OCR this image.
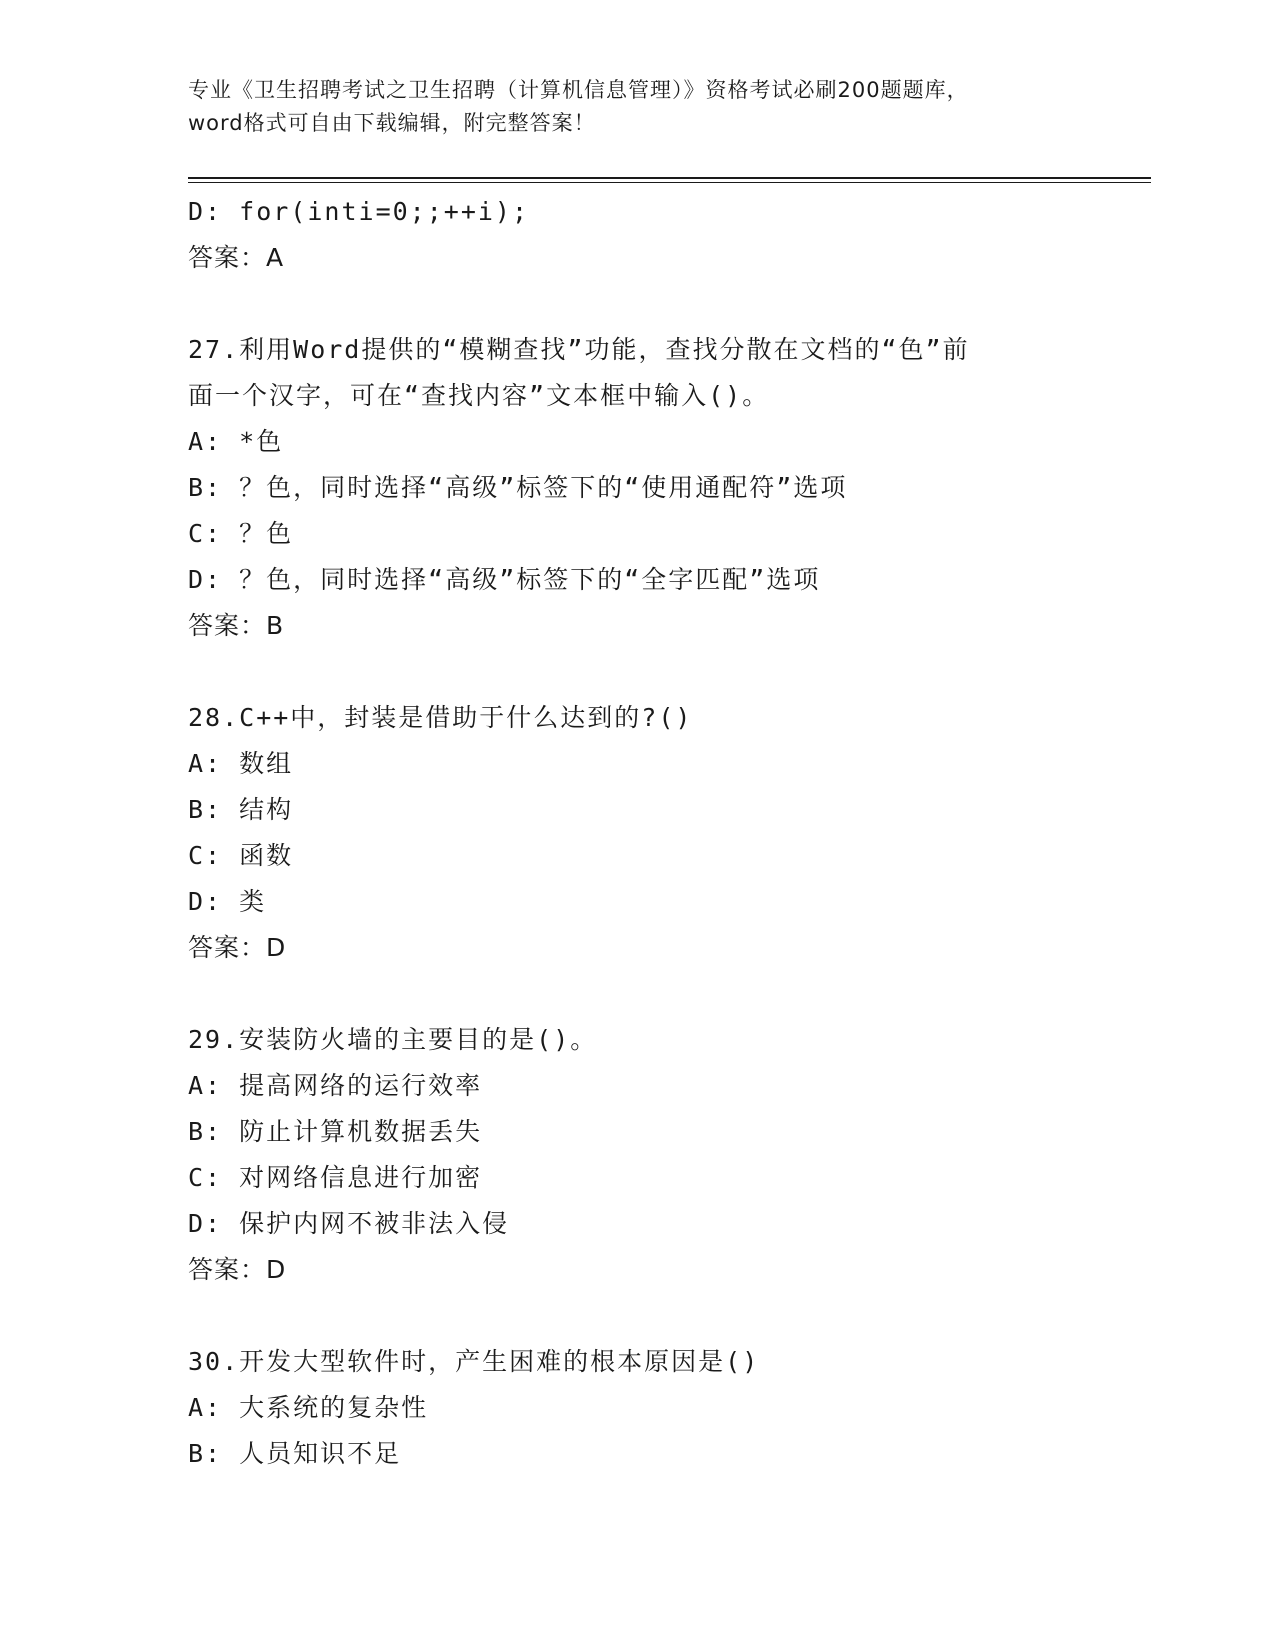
专业《卫生招聘考试之卫生招聘（计算机信息管理）》资格考试必刷200题题库，
word格式可自由下载编辑，附完整答案！
D: for(inti=0;;++i);
答案：A
27.利用Word提供的“模糊查找”功能，查找分散在文档的“色”前
面一个汉字，可在“查找内容”文本框中输入()。
A: *色
B: ？色，同时选择“高级”标签下的“使用通配符”选项
C: ？色
D: ？色，同时选择“高级”标签下的“全字匹配”选项
答案：B
28.C++中，封装是借助于什么达到的?()
A: 数组
B: 结构
C: 函数
D: 类
答案：D
29.安装防火墙的主要目的是()。
A: 提高网络的运行效率
B: 防止计算机数据丢失
C: 对网络信息进行加密
D: 保护内网不被非法入侵
答案：D
30.开发大型软件时，产生困难的根本原因是()
A: 大系统的复杂性
B: 人员知识不足
